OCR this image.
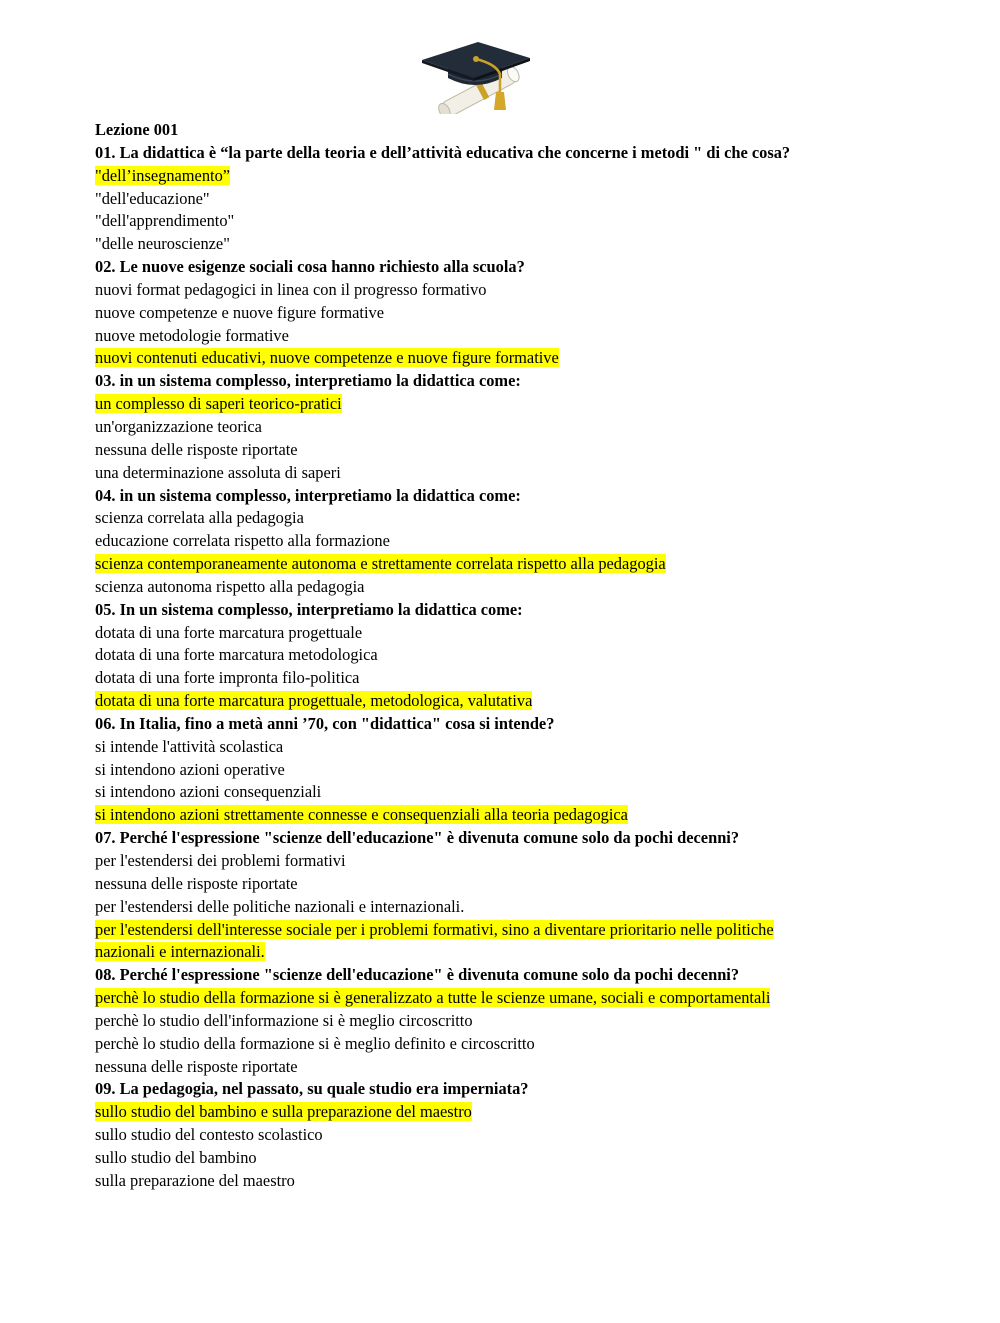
Lezione 001
01. La didattica è “la parte della teoria e dell’attività educativa che concerne i metodi " di che cosa?
"dell’insegnamento”
"dell'educazione"
"dell'apprendimento"
"delle neuroscienze"
02. Le nuove esigenze sociali cosa hanno richiesto alla scuola?
nuovi format pedagogici in linea con il progresso formativo
nuove competenze e nuove figure formative
nuove metodologie formative
nuovi contenuti educativi, nuove competenze e nuove figure formative
03. in un sistema complesso, interpretiamo la didattica come:
un complesso di saperi teorico-pratici
un'organizzazione teorica
nessuna delle risposte riportate
una determinazione assoluta di saperi
04. in un sistema complesso, interpretiamo la didattica come:
scienza correlata alla pedagogia
educazione correlata rispetto alla formazione
scienza contemporaneamente autonoma e strettamente correlata rispetto alla pedagogia
scienza autonoma rispetto alla pedagogia
05. In un sistema complesso, interpretiamo la didattica come:
dotata di una forte marcatura progettuale
dotata di una forte marcatura metodologica
dotata di una forte impronta filo-politica
dotata di una forte marcatura progettuale, metodologica, valutativa
06. In Italia, fino a metà anni ’70, con "didattica" cosa si intende?
si intende l'attività scolastica
si intendono azioni operative
si intendono azioni consequenziali
si intendono azioni strettamente connesse e consequenziali alla teoria pedagogica
07. Perché l'espressione "scienze dell'educazione" è divenuta comune solo da pochi decenni?
per l'estendersi dei problemi formativi
nessuna delle risposte riportate
per l'estendersi delle politiche nazionali e internazionali.
per l'estendersi dell'interesse sociale per i problemi formativi, sino a diventare prioritario nelle politiche
nazionali e internazionali.
08. Perché l'espressione "scienze dell'educazione" è divenuta comune solo da pochi decenni?
perchè lo studio della formazione si è generalizzato a tutte le scienze umane, sociali e comportamentali
perchè lo studio dell'informazione si è meglio circoscritto
perchè lo studio della formazione si è meglio definito e circoscritto
nessuna delle risposte riportate
09. La pedagogia, nel passato, su quale studio era imperniata?
sullo studio del bambino e sulla preparazione del maestro
sullo studio del contesto scolastico
sullo studio del bambino
sulla preparazione del maestro
